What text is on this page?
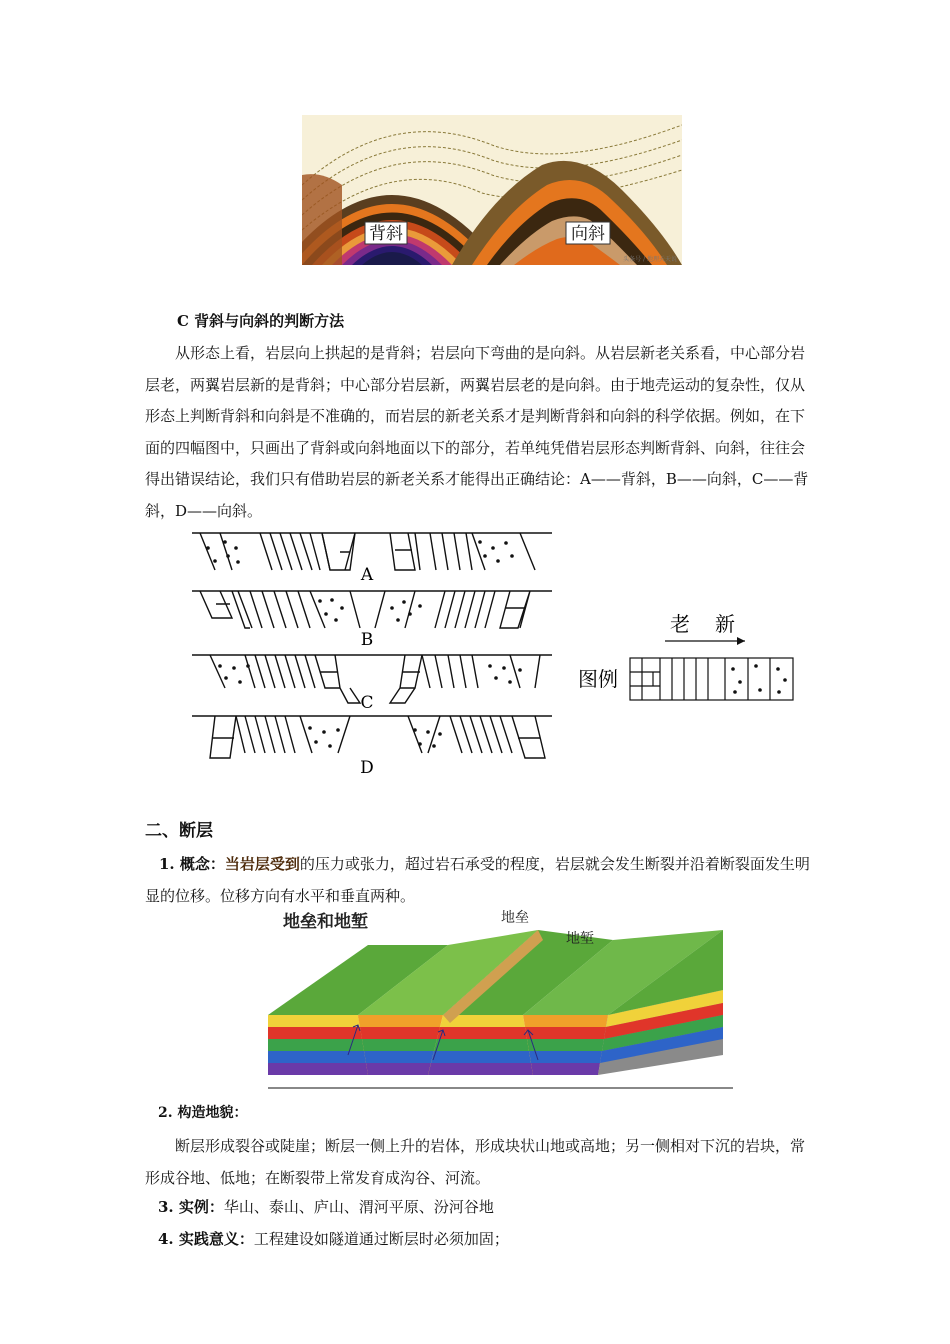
背斜	向斜
头条号 / 地理天天说
C 背斜与向斜的判断方法
从形态上看，岩层向上拱起的是背斜；岩层向下弯曲的是向斜。从岩层新老关系看，中心部分岩层老，两翼岩层新的是背斜；中心部分岩层新，两翼岩层老的是向斜。由于地壳运动的复杂性，仅从形态上判断背斜和向斜是不准确的，而岩层的新老关系才是判断背斜和向斜的科学依据。例如，在下面的四幅图中，只画出了背斜或向斜地面以下的部分，若单纯凭借岩层形态判断背斜、向斜，往往会得出错误结论，我们只有借助岩层的新老关系才能得出正确结论：A——背斜，B——向斜，C——背斜，D——向斜。
A
B
C
D
老 新
图例
二、断层
1. 概念：当岩层受到的压力或张力，超过岩石承受的程度，岩层就会发生断裂并沿着断裂面发生明显的位移。位移方向有水平和垂直两种。
地垒和地堑	地垒
地堑
2. 构造地貌：
断层形成裂谷或陡崖；断层一侧上升的岩体，形成块状山地或高地；另一侧相对下沉的岩块，常形成谷地、低地；在断裂带上常发育成沟谷、河流。
3. 实例：华山、泰山、庐山、渭河平原、汾河谷地
4. 实践意义：工程建设如隧道通过断层时必须加固；
